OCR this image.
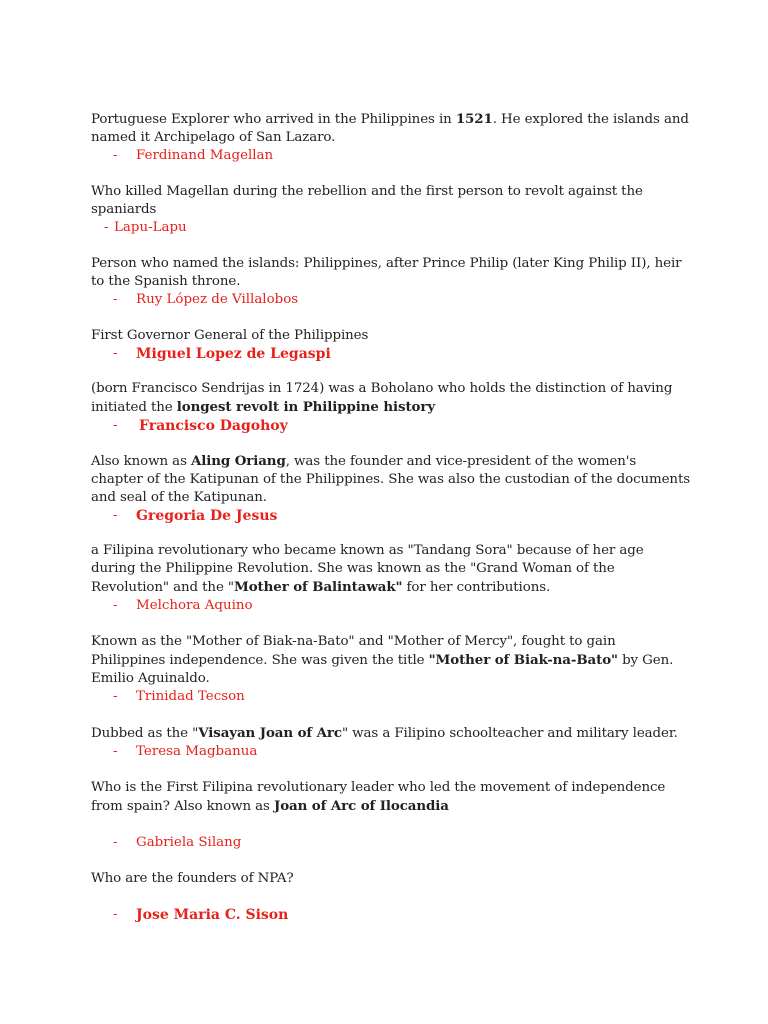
Portuguese Explorer who arrived in the Philippines in 1521. He explored the islands and named it Archipelago of San Lazaro.

- Ferdinand Magellan

Who killed Magellan during the rebellion and the first person to revolt against the spaniards

- Lapu-Lapu

Person who named the islands: Philippines, after Prince Philip (later King Philip II), heir to the Spanish throne.

- Ruy López de Villalobos

First Governor General of the Philippines

- Miguel Lopez de Legaspi

(born Francisco Sendrijas in 1724) was a Boholano who holds the distinction of having initiated the longest revolt in Philippine history

- Francisco Dagohoy

Also known as Aling Oriang, was the founder and vice-president of the women's chapter of the Katipunan of the Philippines. She was also the custodian of the documents and seal of the Katipunan.

- Gregoria De Jesus

a Filipina revolutionary who became known as "Tandang Sora" because of her age during the Philippine Revolution. She was known as the "Grand Woman of the Revolution" and the "Mother of Balintawak" for her contributions.

- Melchora Aquino

Known as the "Mother of Biak-na-Bato" and "Mother of Mercy", fought to gain Philippines independence. She was given the title "Mother of Biak-na-Bato" by Gen. Emilio Aguinaldo.

- Trinidad Tecson

Dubbed as the "Visayan Joan of Arc" was a Filipino schoolteacher and military leader.

- Teresa Magbanua

Who is the First Filipina revolutionary leader who led the movement of independence from spain? Also known as Joan of Arc of Ilocandia

- Gabriela Silang

Who are the founders of NPA?

- Jose Maria C. Sison
